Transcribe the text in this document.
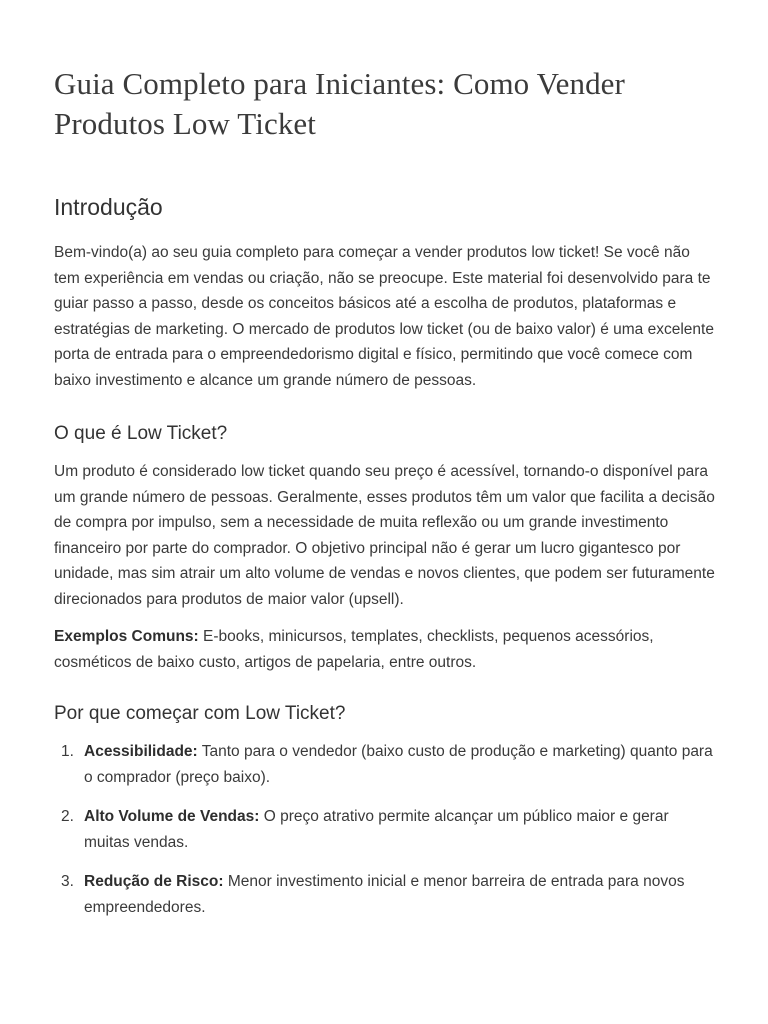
Guia Completo para Iniciantes: Como Vender Produtos Low Ticket
Introdução

Bem-vindo(a) ao seu guia completo para começar a vender produtos low ticket! Se você não tem experiência em vendas ou criação, não se preocupe. Este material foi desenvolvido para te guiar passo a passo, desde os conceitos básicos até a escolha de produtos, plataformas e estratégias de marketing. O mercado de produtos low ticket (ou de baixo valor) é uma excelente porta de entrada para o empreendedorismo digital e físico, permitindo que você comece com baixo investimento e alcance um grande número de pessoas.

O que é Low Ticket?

Um produto é considerado low ticket quando seu preço é acessível, tornando-o disponível para um grande número de pessoas. Geralmente, esses produtos têm um valor que facilita a decisão de compra por impulso, sem a necessidade de muita reflexão ou um grande investimento financeiro por parte do comprador. O objetivo principal não é gerar um lucro gigantesco por unidade, mas sim atrair um alto volume de vendas e novos clientes, que podem ser futuramente direcionados para produtos de maior valor (upsell).

Exemplos Comuns: E-books, minicursos, templates, checklists, pequenos acessórios, cosméticos de baixo custo, artigos de papelaria, entre outros.

Por que começar com Low Ticket?
1. Acessibilidade: Tanto para o vendedor (baixo custo de produção e marketing) quanto para o comprador (preço baixo).
2. Alto Volume de Vendas: O preço atrativo permite alcançar um público maior e gerar muitas vendas.
3. Redução de Risco: Menor investimento inicial e menor barreira de entrada para novos empreendedores.
